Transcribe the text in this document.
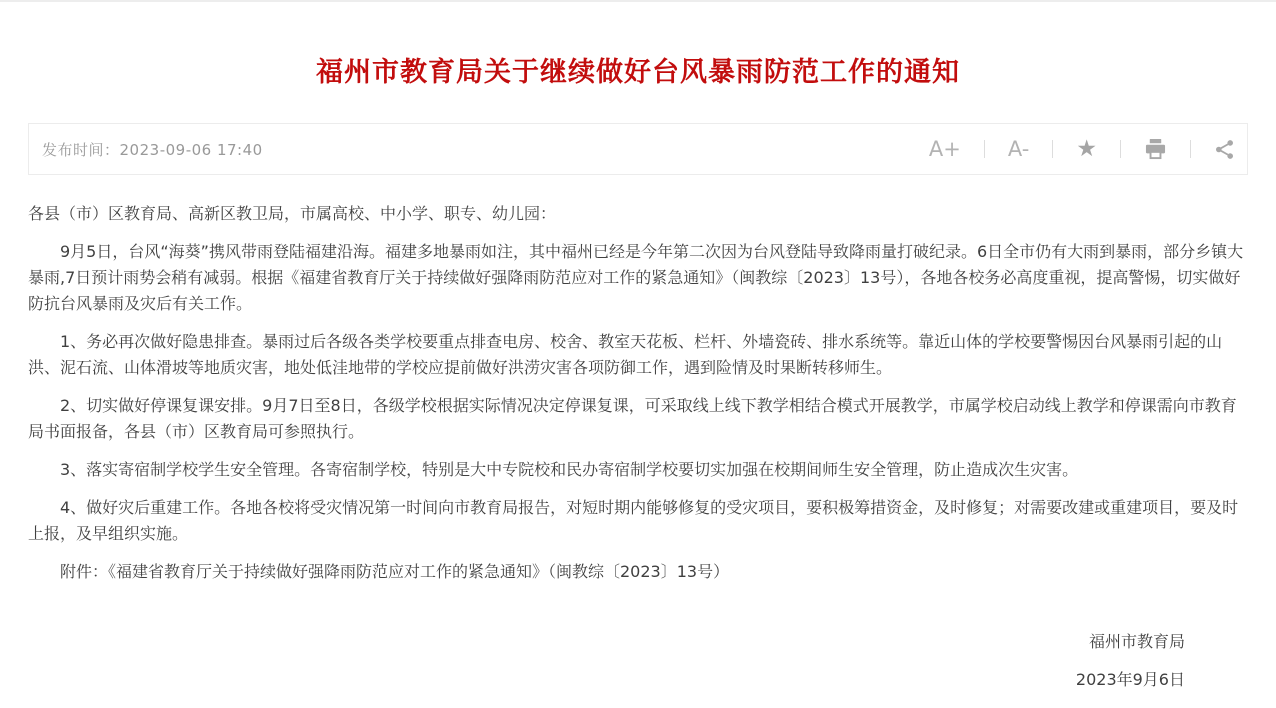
福州市教育局关于继续做好台风暴雨防范工作的通知
发布时间：2023-09-06 17:40	A+ A- ★

各县（市）区教育局、高新区教卫局，市属高校、中小学、职专、幼儿园：

9月5日，台风“海葵”携风带雨登陆福建沿海。福建多地暴雨如注，其中福州已经是今年第二次因为台风登陆导致降雨量打破纪录。6日全市仍有大雨到暴雨，部分乡镇大暴雨,7日预计雨势会稍有减弱。根据《福建省教育厅关于持续做好强降雨防范应对工作的紧急通知》（闽教综〔2023〕13号），各地各校务必高度重视，提高警惕，切实做好防抗台风暴雨及灾后有关工作。

1、务必再次做好隐患排查。暴雨过后各级各类学校要重点排查电房、校舍、教室天花板、栏杆、外墙瓷砖、排水系统等。靠近山体的学校要警惕因台风暴雨引起的山洪、泥石流、山体滑坡等地质灾害，地处低洼地带的学校应提前做好洪涝灾害各项防御工作，遇到险情及时果断转移师生。

2、切实做好停课复课安排。9月7日至8日，各级学校根据实际情况决定停课复课，可采取线上线下教学相结合模式开展教学，市属学校启动线上教学和停课需向市教育局书面报备，各县（市）区教育局可参照执行。

3、落实寄宿制学校学生安全管理。各寄宿制学校，特别是大中专院校和民办寄宿制学校要切实加强在校期间师生安全管理，防止造成次生灾害。

4、做好灾后重建工作。各地各校将受灾情况第一时间向市教育局报告，对短时期内能够修复的受灾项目，要积极筹措资金，及时修复；对需要改建或重建项目，要及时上报，及早组织实施。

附件：《福建省教育厅关于持续做好强降雨防范应对工作的紧急通知》（闽教综〔2023〕13号）

福州市教育局

2023年9月6日
